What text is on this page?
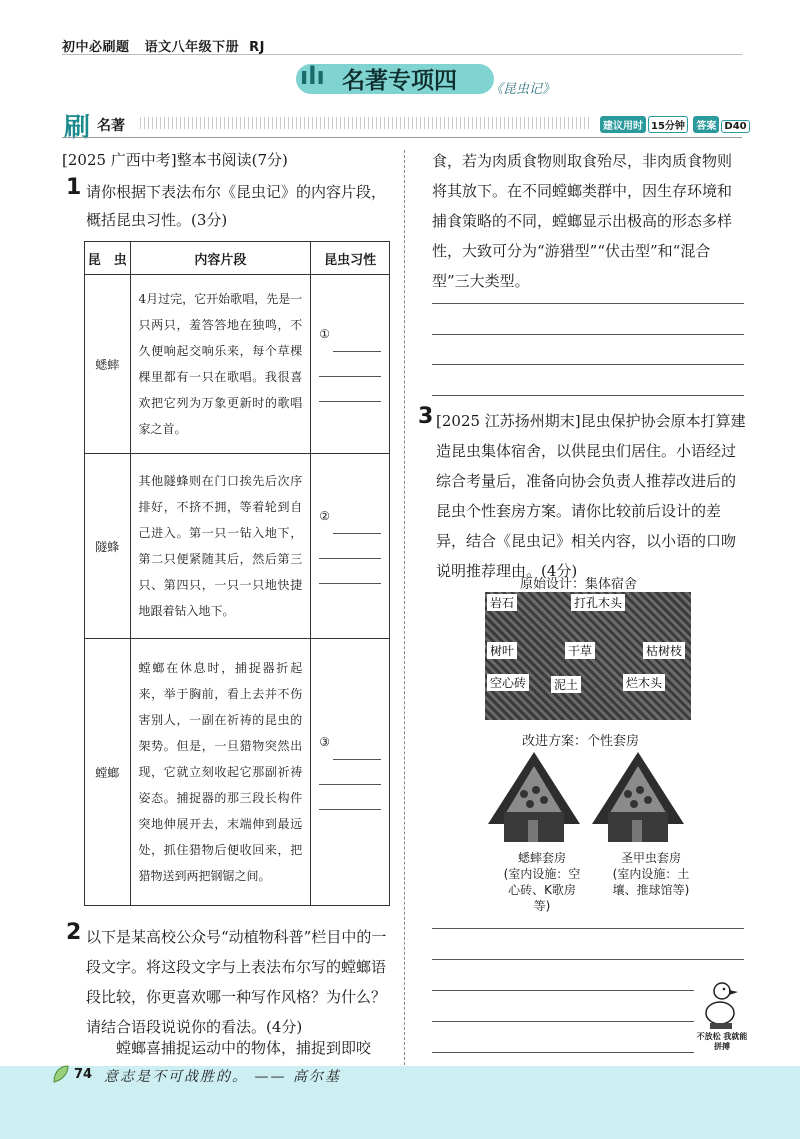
初中必刷题 语文八年级下册 RJ
ılı 名著专项四	《昆虫记》
刷 名著	建议用时 15分钟 答案 D40
[2025 广西中考]整本书阅读(7分)
1 请你根据下表法布尔《昆虫记》的内容片段，概括昆虫习性。(3分)
昆　虫	内容片段	昆虫习性
蟋蟀	4月过完，它开始歌唱，先是一只两只，羞答答地在独鸣，不久便响起交响乐来，每个草棵棵里都有一只在歌唱。我很喜欢把它列为万象更新时的歌唱家之首。	①

隧蜂	其他隧蜂则在门口挨先后次序排好，不挤不拥，等着轮到自己进入。第一只一钻入地下，第二只便紧随其后，然后第三只、第四只，一只一只地快捷地跟着钻入地下。	②

螳螂	螳螂在休息时，捕捉器折起来，举于胸前，看上去并不伤害别人，一副在祈祷的昆虫的架势。但是，一旦猎物突然出现，它就立刻收起它那副祈祷姿态。捕捉器的那三段长构件突地伸展开去，末端伸到最远处，抓住猎物后便收回来，把猎物送到两把钢锯之间。	③
2 以下是某高校公众号“动植物科普”栏目中的一段文字。将这段文字与上表法布尔写的螳螂语段比较，你更喜欢哪一种写作风格？为什么？请结合语段说说你的看法。(4分)
螳螂喜捕捉运动中的物体，捕捉到即咬
食，若为肉质食物则取食殆尽，非肉质食物则将其放下。在不同螳螂类群中，因生存环境和捕食策略的不同，螳螂显示出极高的形态多样性，大致可分为“游猎型”“伏击型”和“混合型”三大类型。
3 [2025 江苏扬州期末]昆虫保护协会原本打算建造昆虫集体宿舍，以供昆虫们居住。小语经过综合考量后，准备向协会负责人推荐改进后的昆虫个性套房方案。请你比较前后设计的差异，结合《昆虫记》相关内容，以小语的口吻说明推荐理由。(4分)
原始设计：集体宿舍
岩石	打孔木头
树叶	干草	枯树枝
空心砖 泥土	烂木头
改进方案：个性套房
蟋蟀套房
(室内设施：空心砖、K歌房等)
圣甲虫套房
(室内设施：土壤、推球馆等)
不放松 我就能拼搏
74 意志是不可战胜的。 —— 高尔基
